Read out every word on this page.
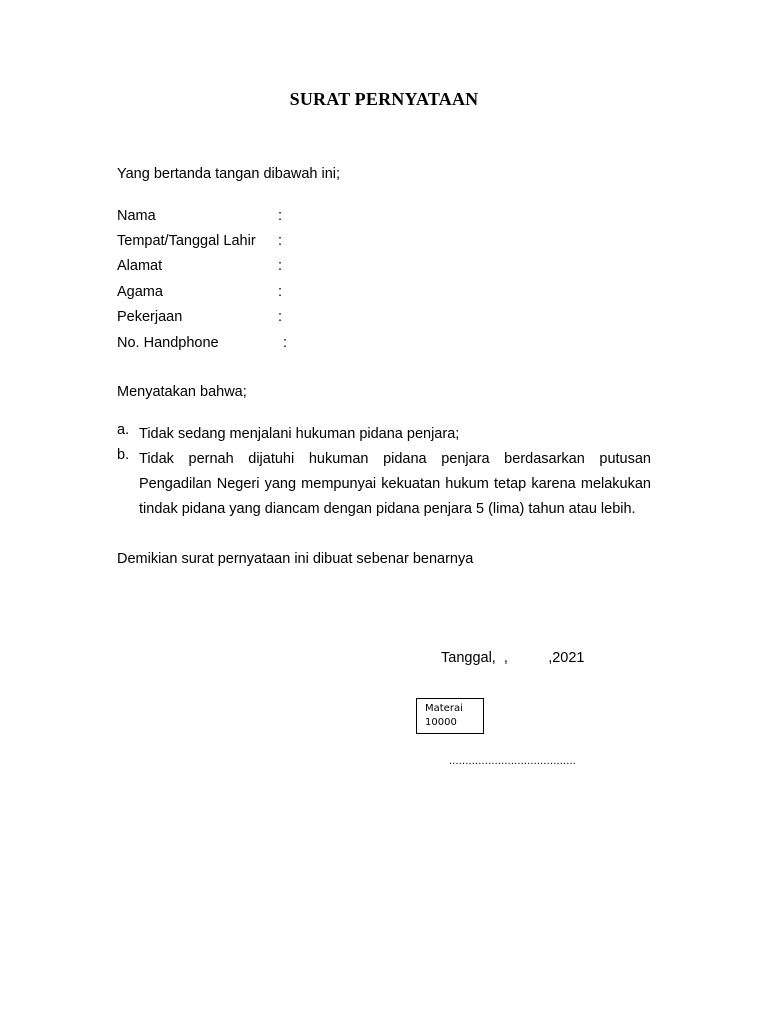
SURAT PERNYATAAN
Yang bertanda tangan dibawah ini;
Nama	:
Tempat/Tanggal Lahir :
Alamat	:
Agama	:
Pekerjaan	:
No. Handphone	:
Menyatakan bahwa;
a. Tidak sedang menjalani hukuman pidana penjara;
b. Tidak pernah dijatuhi hukuman pidana penjara berdasarkan putusan Pengadilan Negeri yang mempunyai kekuatan hukum tetap karena melakukan tindak pidana yang diancam dengan pidana penjara 5 (lima) tahun atau lebih.
Demikian surat pernyataan ini dibuat sebenar benarnya
Tanggal,  ,          ,2021
Materai
10000
.......................................
